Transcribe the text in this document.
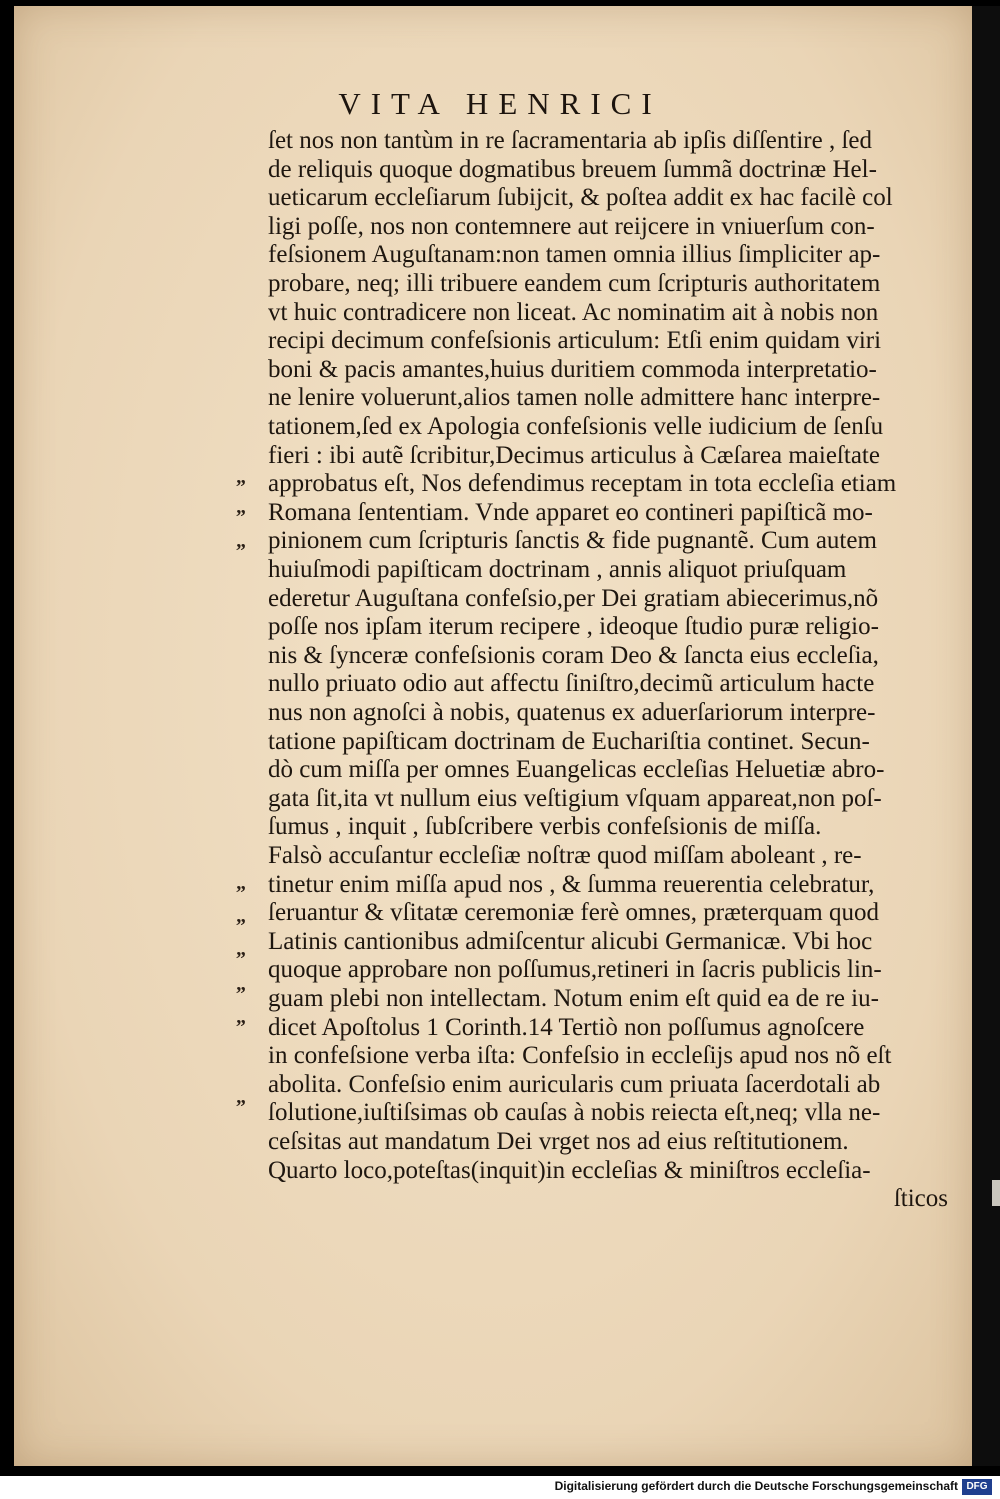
VITA HENRICI
ſet nos non tantùm in re ſacramentaria ab ipſis diſſentire , ſed
de reliquis quoque dogmatibus breuem ſummã doctrinæ Hel-
ueticarum eccleſiarum ſubijcit, & poſtea addit ex hac facilè col
ligi poſſe, nos non contemnere aut reijcere in vniuerſum con-
feſsionem Auguſtanam:non tamen omnia illius ſimpliciter ap-
probare, neq; illi tribuere eandem cum ſcripturis authoritatem
vt huic contradicere non liceat. Ac nominatim ait à nobis non
recipi decimum confeſsionis articulum: Etſi enim quidam viri
boni & pacis amantes,huius duritiem commoda interpretatio-
ne lenire voluerunt,alios tamen nolle admittere hanc interpre-
tationem,ſed ex Apologia confeſsionis velle iudicium de ſenſu
fieri : ibi autẽ ſcribitur,Decimus articulus à Cæſarea maieſtate
approbatus eſt, Nos defendimus receptam in tota eccleſia etiam
Romana ſententiam. Vnde apparet eo contineri papiſticã mo-
pinionem cum ſcripturis ſanctis & fide pugnantẽ. Cum autem
huiuſmodi papiſticam doctrinam , annis aliquot priuſquam
ederetur Auguſtana confeſsio,per Dei gratiam abiecerimus,nõ
poſſe nos ipſam iterum recipere , ideoque ſtudio puræ religio-
nis & ſynceræ confeſsionis coram Deo & ſancta eius eccleſia,
nullo priuato odio aut affectu ſiniſtro,decimũ articulum hacte
nus non agnoſci à nobis, quatenus ex aduerſariorum interpre-
tatione papiſticam doctrinam de Euchariſtia continet. Secun-
dò cum miſſa per omnes Euangelicas eccleſias Heluetiæ abro-
gata ſit,ita vt nullum eius veſtigium vſquam appareat,non poſ-
ſumus , inquit , ſubſcribere verbis confeſsionis de miſſa.
Falsò accuſantur eccleſiæ noſtræ quod miſſam aboleant , re-
tinetur enim miſſa apud nos , & ſumma reuerentia celebratur,
ſeruantur & vſitatæ ceremoniæ ferè omnes, præterquam quod
Latinis cantionibus admiſcentur alicubi Germanicæ. Vbi hoc
quoque approbare non poſſumus,retineri in ſacris publicis lin-
guam plebi non intellectam. Notum enim eſt quid ea de re iu-
dicet Apoſtolus 1 Corinth.14 Tertiò non poſſumus agnoſcere
in confeſsione verba iſta: Confeſsio in eccleſijs apud nos nõ eſt
abolita. Confeſsio enim auricularis cum priuata ſacerdotali ab
ſolutione,iuſtiſsimas ob cauſas à nobis reiecta eſt,neq; vlla ne-
ceſsitas aut mandatum Dei vrget nos ad eius reſtitutionem.
Quarto loco,poteſtas(inquit)in eccleſias & miniſtros eccleſia-
ſticos
„
„
„
„
„
„
„
„
„
Digitalisierung gefördert durch die Deutsche Forschungsgemeinschaft DFG
